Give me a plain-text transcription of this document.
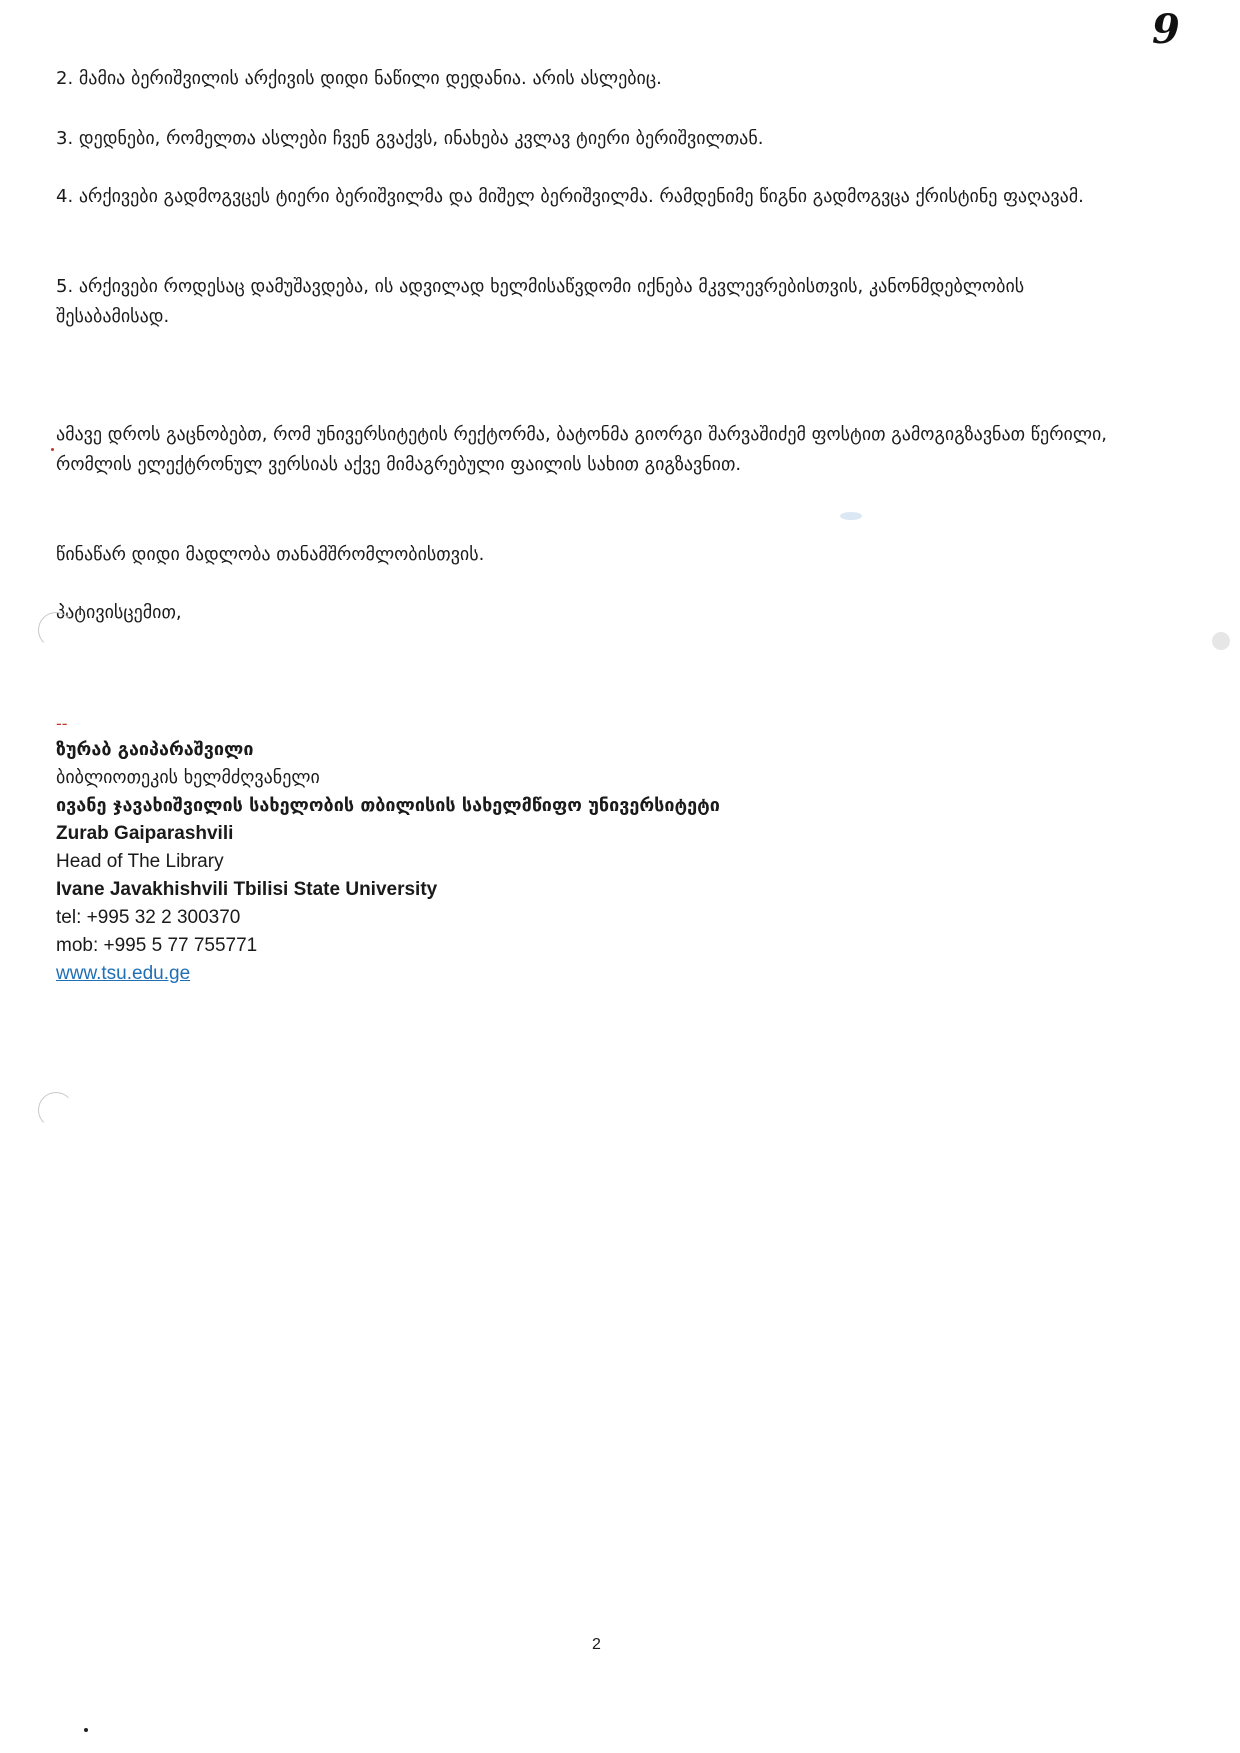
9

2. მამია ბერიშვილის არქივის დიდი ნაწილი დედანია. არის ასლებიც.

3. დედნები, რომელთა ასლები ჩვენ გვაქვს, ინახება კვლავ ტიერი ბერიშვილთან.

4. არქივები გადმოგვცეს ტიერი ბერიშვილმა და მიშელ ბერიშვილმა. რამდენიმე წიგნი გადმოგვცა ქრისტინე ფაღავამ.

5. არქივები როდესაც დამუშავდება, ის ადვილად ხელმისაწვდომი იქნება მკვლევრებისთვის, კანონმდებლობის შესაბამისად.

ამავე დროს გაცნობებთ, რომ უნივერსიტეტის რექტორმა, ბატონმა გიორგი შარვაშიძემ ფოსტით გამოგიგზავნათ წერილი, რომლის ელექტრონულ ვერსიას აქვე მიმაგრებული ფაილის სახით გიგზავნით.

წინაწარ დიდი მადლობა თანამშრომლობისთვის.

პატივისცემით,

--
ზურაბ გაიპარაშვილი
ბიბლიოთეკის ხელმძღვანელი
ივანე ჯავახიშვილის სახელობის თბილისის სახელმწიფო უნივერსიტეტი
Zurab Gaiparashvili
Head of The Library
Ivane Javakhishvili Tbilisi State University
tel: +995 32 2 300370
mob: +995 5 77 755771
www.tsu.edu.ge
2
